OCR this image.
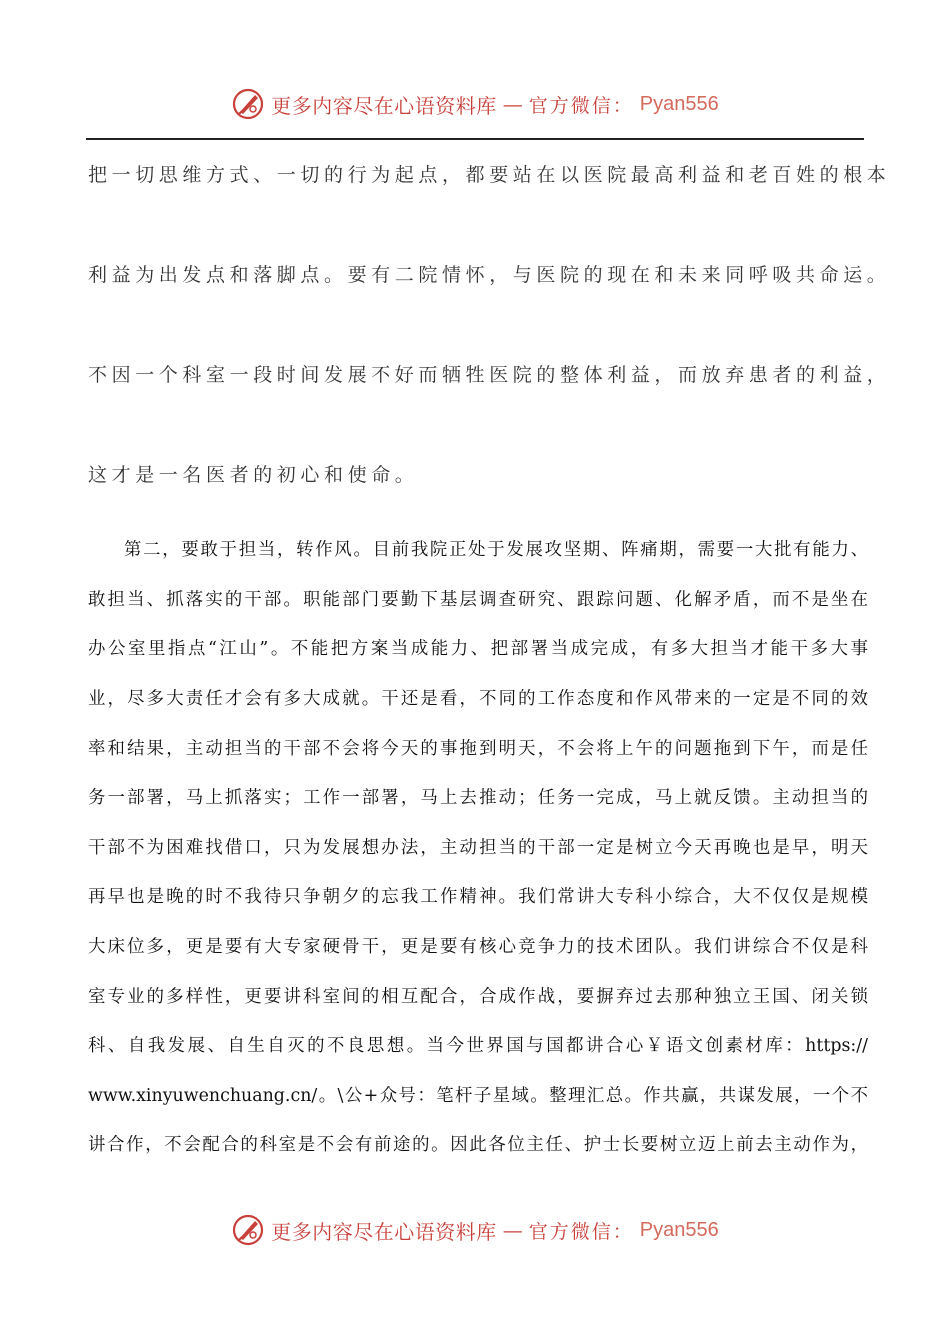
更多内容尽在心语资料库 — 官方微信： Pyan556
把一切思维方式、一切的行为起点，都要站在以医院最高利益和老百姓的根本
利益为出发点和落脚点。要有二院情怀，与医院的现在和未来同呼吸共命运。
不因一个科室一段时间发展不好而牺牲医院的整体利益，而放弃患者的利益，
这才是一名医者的初心和使命。
第二，要敢于担当，转作风。目前我院正处于发展攻坚期、阵痛期，需要一大批有能力、
敢担当、抓落实的干部。职能部门要勤下基层调查研究、跟踪问题、化解矛盾，而不是坐在
办公室里指点“江山”。不能把方案当成能力、把部署当成完成，有多大担当才能干多大事
业，尽多大责任才会有多大成就。干还是看，不同的工作态度和作风带来的一定是不同的效
率和结果，主动担当的干部不会将今天的事拖到明天，不会将上午的问题拖到下午，而是任
务一部署，马上抓落实；工作一部署，马上去推动；任务一完成，马上就反馈。主动担当的
干部不为困难找借口，只为发展想办法，主动担当的干部一定是树立今天再晚也是早，明天
再早也是晚的时不我待只争朝夕的忘我工作精神。我们常讲大专科小综合，大不仅仅是规模
大床位多，更是要有大专家硬骨干，更是要有核心竞争力的技术团队。我们讲综合不仅是科
室专业的多样性，更要讲科室间的相互配合，合成作战，要摒弃过去那种独立王国、闭关锁
科、自我发展、自生自灭的不良思想。当今世界国与国都讲合心￥语文创素材库：https://
www.xinyuwenchuang.cn/。\公+众号：笔杆子星域。整理汇总。作共赢，共谋发展，一个不
讲合作，不会配合的科室是不会有前途的。因此各位主任、护士长要树立迈上前去主动作为，
更多内容尽在心语资料库 — 官方微信： Pyan556
